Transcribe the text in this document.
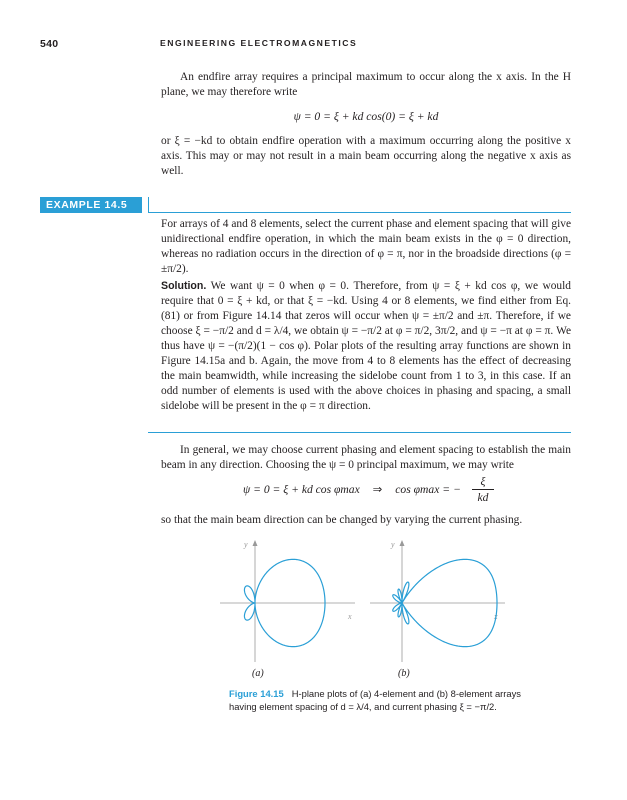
540	ENGINEERING ELECTROMAGNETICS

An endfire array requires a principal maximum to occur along the x axis. In the H plane, we may therefore write

ψ = 0 = ξ + kd cos(0) = ξ + kd

or ξ = −kd to obtain endfire operation with a maximum occurring along the positive x axis. This may or may not result in a main beam occurring along the negative x axis as well.

EXAMPLE 14.5

For arrays of 4 and 8 elements, select the current phase and element spacing that will give unidirectional endfire operation, in which the main beam exists in the φ = 0 direction, whereas no radiation occurs in the direction of φ = π, nor in the broadside directions (φ = ±π/2).

Solution. We want ψ = 0 when φ = 0. Therefore, from ψ = ξ + kd cos φ, we would require that 0 = ξ + kd, or that ξ = −kd. Using 4 or 8 elements, we find either from Eq. (81) or from Figure 14.14 that zeros will occur when ψ = ±π/2 and ±π. Therefore, if we choose ξ = −π/2 and d = λ/4, we obtain ψ = −π/2 at φ = π/2, 3π/2, and ψ = −π at φ = π. We thus have ψ = −(π/2)(1 − cos φ). Polar plots of the resulting array functions are shown in Figure 14.15a and b. Again, the move from 4 to 8 elements has the effect of decreasing the main beamwidth, while increasing the sidelobe count from 1 to 3, in this case. If an odd number of elements is used with the above choices in phasing and spacing, a small sidelobe will be present in the φ = π direction.

In general, we may choose current phasing and element spacing to establish the main beam in any direction. Choosing the ψ = 0 principal maximum, we may write

ψ = 0 = ξ + kd cos φmax ⇒ cos φmax = −
ξ
kd

so that the main beam direction can be changed by varying the current phasing.

y
x
y
x
(a)	(b)
Figure 14.15 H-plane plots of (a) 4-element and (b) 8-element arrays having element spacing of d = λ/4, and current phasing ξ = −π/2.
